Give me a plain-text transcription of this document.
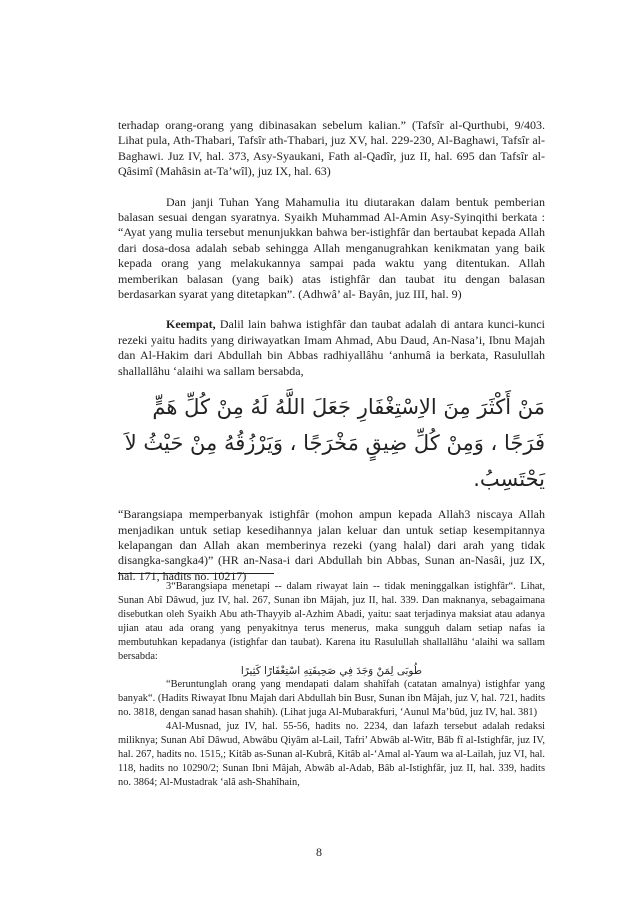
terhadap orang-orang yang dibinasakan sebelum kalian.” (Tafsîr al-Qurthubi, 9/403. Lihat pula, Ath-Thabari, Tafsîr ath-Thabari, juz XV, hal. 229-230, Al-Baghawi, Tafsîr al-Baghawi. Juz IV, hal. 373, Asy-Syaukani, Fath al-Qadîr, juz II, hal. 695 dan Tafsîr al-Qâsimî (Mahâsin at-Ta’wîl), juz IX, hal. 63)

Dan janji Tuhan Yang Mahamulia itu diutarakan dalam bentuk pemberian balasan sesuai dengan syaratnya. Syaikh Muhammad Al-Amin Asy-Syinqithi berkata : “Ayat yang mulia tersebut menunjukkan bahwa ber-istighfâr dan bertaubat kepada Allah dari dosa-dosa adalah sebab sehingga Allah menganugrahkan kenikmatan yang baik kepada orang yang melakukannya sampai pada waktu yang ditentukan. Allah memberikan balasan (yang baik) atas istighfâr dan taubat itu dengan balasan berdasarkan syarat yang ditetapkan”. (Adhwâ’ al- Bayân, juz III, hal. 9)

Keempat, Dalil lain bahwa istighfâr dan taubat adalah di antara kunci-kunci rezeki yaitu hadits yang diriwayatkan Imam Ahmad, Abu Daud, An-Nasa’i, Ibnu Majah dan Al-Hakim dari Abdullah bin Abbas radhiyallâhu ‘anhumâ ia berkata, Rasulullah shallallâhu ‘alaihi wa sallam bersabda,

مَنْ أَكْثَرَ مِنَ الاِسْتِغْفَارِ جَعَلَ اللَّهُ لَهُ مِنْ كُلِّ هَمٍّ فَرَجًا ، وَمِنْ كُلِّ ضِيقٍ مَخْرَجًا ، وَيَرْزُقُهُ مِنْ حَيْثُ لاَ يَحْتَسِبُ.

“Barangsiapa memperbanyak istighfâr (mohon ampun kepada Allah3 niscaya Allah menjadikan untuk setiap kesedihannya jalan keluar dan untuk setiap kesempitannya kelapangan dan Allah akan memberinya rezeki (yang halal) dari arah yang tidak disangka-sangka4)” (HR an-Nasa-i dari Abdullah bin Abbas, Sunan an-Nasâi, juz IX, hal. 171, hadits no. 10217)

3“Barangsiapa menetapi -- dalam riwayat lain -- tidak meninggalkan istighfâr“. Lihat, Sunan Abî Dâwud, juz IV, hal. 267, Sunan ibn Mâjah, juz II, hal. 339. Dan maknanya, sebagaimana disebutkan oleh Syaikh Abu ath-Thayyib al-Azhim Abadi, yaitu: saat terjadinya maksiat atau adanya ujian atau ada orang yang penyakitnya terus menerus, maka sungguh dalam setiap nafas ia membutuhkan kepadanya (istighfar dan taubat). Karena itu Rasulullah shallallâhu ‘alaihi wa sallam bersabda:

طُوبَى لِمَنْ وَجَدَ فِي صَحِيفَتِهِ اسْتِغْفَارًا كَثِيرًا

“Beruntunglah orang yang mendapati dalam shahîfah (catatan amalnya) istighfar yang banyak“. (Hadits Riwayat Ibnu Majah dari Abdullah bin Busr, Sunan ibn Mâjah, juz V, hal. 721, hadits no. 3818, dengan sanad hasan shahih). (Lihat juga Al-Mubarakfuri, ‘Aunul Ma’bûd, juz IV, hal. 381)

4Al-Musnad, juz IV, hal. 55-56, hadits no. 2234, dan lafazh tersebut adalah redaksi miliknya; Sunan Abî Dâwud, Abwâbu Qiyâm al-Lail, Tafri’ Abwâb al-Witr, Bâb fî al-Istighfâr, juz IV, hal. 267, hadits no. 1515,; Kitâb as-Sunan al-Kubrâ, Kitâb al-‘Amal al-Yaum wa al-Lailah, juz VI, hal. 118, hadits no 10290/2; Sunan Ibni Mâjah, Abwâb al-Adab, Bâb al-Istighfâr, juz II, hal. 339, hadits no. 3864; Al-Mustadrak ‘alâ ash-Shahîhain,

8
